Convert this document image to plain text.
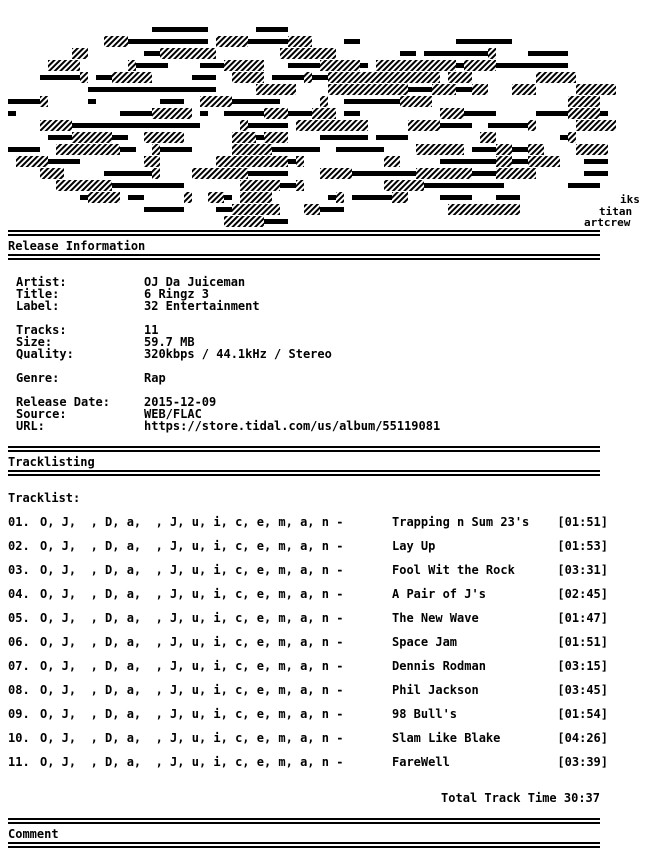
iks
titan
artcrew
Release Information
Artist:	OJ Da Juiceman
Title:	6 Ringz 3
Label:	32 Entertainment
Tracks:	11
Size:	59.7 MB
Quality:	320kbps / 44.1kHz / Stereo
Genre:	Rap
Release Date:	2015-12-09
Source:	WEB/FLAC
URL:	https://store.tidal.com/us/album/55119081
Tracklisting
Tracklist:
01. O, J,  , D, a,  , J, u, i, c, e, m, a, n -	Trapping n Sum 23's [01:51]
02. O, J,  , D, a,  , J, u, i, c, e, m, a, n -	Lay Up	[01:53]
03. O, J,  , D, a,  , J, u, i, c, e, m, a, n -	Fool Wit the Rock	[03:31]
04. O, J,  , D, a,  , J, u, i, c, e, m, a, n -	A Pair of J's	[02:45]
05. O, J,  , D, a,  , J, u, i, c, e, m, a, n -	The New Wave	[01:47]
06. O, J,  , D, a,  , J, u, i, c, e, m, a, n -	Space Jam	[01:51]
07. O, J,  , D, a,  , J, u, i, c, e, m, a, n -	Dennis Rodman	[03:15]
08. O, J,  , D, a,  , J, u, i, c, e, m, a, n -	Phil Jackson	[03:45]
09. O, J,  , D, a,  , J, u, i, c, e, m, a, n -	98 Bull's	[01:54]
10. O, J,  , D, a,  , J, u, i, c, e, m, a, n -	Slam Like Blake	[04:26]
11. O, J,  , D, a,  , J, u, i, c, e, m, a, n -	FareWell	[03:39]
Total Track Time 30:37
Comment
